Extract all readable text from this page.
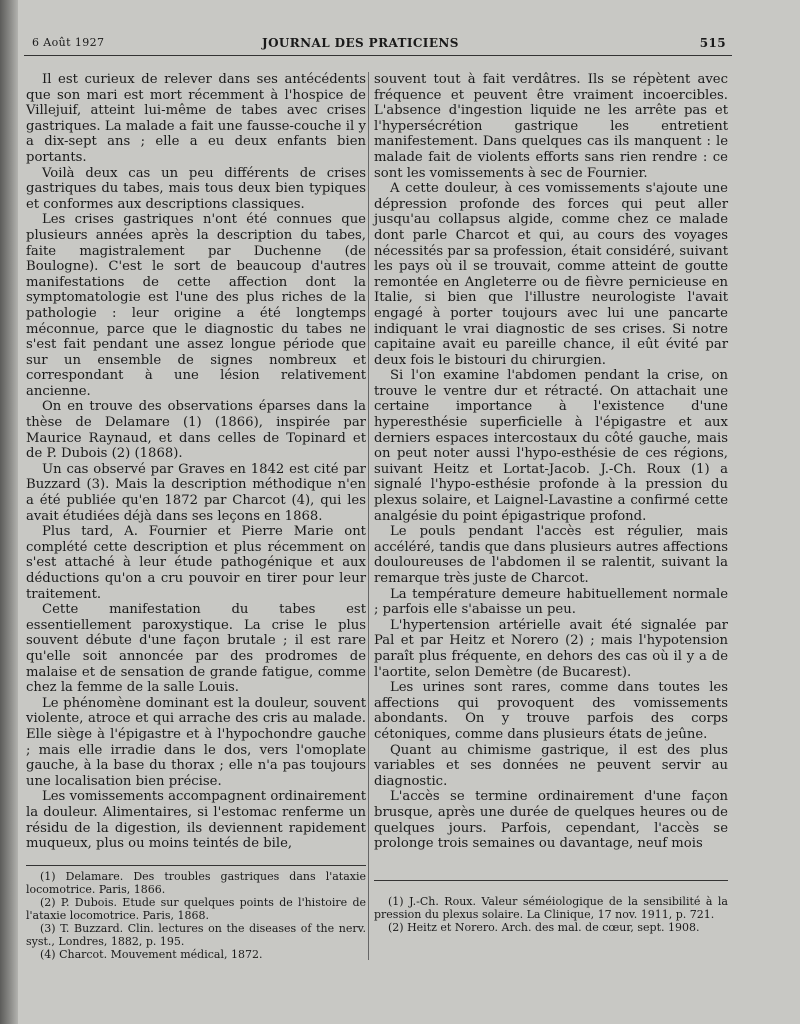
6 Août 1927	JOURNAL DES PRATICIENS	515

Il est curieux de relever dans ses antécédents que son mari est mort récemment à l'hospice de Villejuif, atteint lui-même de tabes avec crises gastriques. La malade a fait une fausse-couche il y a dix-sept ans ; elle a eu deux enfants bien portants.

Voilà deux cas un peu différents de crises gastriques du tabes, mais tous deux bien typiques et conformes aux descriptions classiques.

Les crises gastriques n'ont été connues que plusieurs années après la description du tabes, faite magistralement par Duchenne (de Boulogne). C'est le sort de beaucoup d'autres manifestations de cette affection dont la symptomatologie est l'une des plus riches de la pathologie : leur origine a été longtemps méconnue, parce que le diagnostic du tabes ne s'est fait pendant une assez longue période que sur un ensemble de signes nombreux et correspondant à une lésion relativement ancienne.

On en trouve des observations éparses dans la thèse de Delamare (1) (1866), inspirée par Maurice Raynaud, et dans celles de Topinard et de P. Dubois (2) (1868).

Un cas observé par Graves en 1842 est cité par Buzzard (3). Mais la description méthodique n'en a été publiée qu'en 1872 par Charcot (4), qui les avait étudiées déjà dans ses leçons en 1868.

Plus tard, A. Fournier et Pierre Marie ont complété cette description et plus récemment on s'est attaché à leur étude pathogénique et aux déductions qu'on a cru pouvoir en tirer pour leur traitement.

Cette manifestation du tabes est essentiellement paroxystique. La crise le plus souvent débute d'une façon brutale ; il est rare qu'elle soit annoncée par des prodromes de malaise et de sensation de grande fatigue, comme chez la femme de la salle Louis.

Le phénomène dominant est la douleur, souvent violente, atroce et qui arrache des cris au malade. Elle siège à l'épigastre et à l'hypochondre gauche ; mais elle irradie dans le dos, vers l'omoplate gauche, à la base du thorax ; elle n'a pas toujours une localisation bien précise.

Les vomissements accompagnent ordinairement la douleur. Alimentaires, si l'estomac renferme un résidu de la digestion, ils deviennent rapidement muqueux, plus ou moins teintés de bile,

souvent tout à fait verdâtres. Ils se répètent avec fréquence et peuvent être vraiment incoercibles. L'absence d'ingestion liquide ne les arrête pas et l'hypersécrétion gastrique les entretient manifestement. Dans quelques cas ils manquent : le malade fait de violents efforts sans rien rendre : ce sont les vomissements à sec de Fournier.

A cette douleur, à ces vomissements s'ajoute une dépression profonde des forces qui peut aller jusqu'au collapsus algide, comme chez ce malade dont parle Charcot et qui, au cours des voyages nécessités par sa profession, était considéré, suivant les pays où il se trouvait, comme atteint de goutte remontée en Angleterre ou de fièvre pernicieuse en Italie, si bien que l'illustre neurologiste l'avait engagé à porter toujours avec lui une pancarte indiquant le vrai diagnostic de ses crises. Si notre capitaine avait eu pareille chance, il eût évité par deux fois le bistouri du chirurgien.

Si l'on examine l'abdomen pendant la crise, on trouve le ventre dur et rétracté. On attachait une certaine importance à l'existence d'une hyperesthésie superficielle à l'épigastre et aux derniers espaces intercostaux du côté gauche, mais on peut noter aussi l'hypo-esthésie de ces régions, suivant Heitz et Lortat-Jacob. J.-Ch. Roux (1) a signalé l'hypo-esthésie profonde à la pression du plexus solaire, et Laignel-Lavastine a confirmé cette analgésie du point épigastrique profond.

Le pouls pendant l'accès est régulier, mais accéléré, tandis que dans plusieurs autres affections douloureuses de l'abdomen il se ralentit, suivant la remarque très juste de Charcot.

La température demeure habituellement normale ; parfois elle s'abaisse un peu.

L'hypertension artérielle avait été signalée par Pal et par Heitz et Norero (2) ; mais l'hypotension paraît plus fréquente, en dehors des cas où il y a de l'aortite, selon Demètre (de Bucarest).

Les urines sont rares, comme dans toutes les affections qui provoquent des vomissements abondants. On y trouve parfois des corps cétoniques, comme dans plusieurs états de jeûne.

Quant au chimisme gastrique, il est des plus variables et ses données ne peuvent servir au diagnostic.

L'accès se termine ordinairement d'une façon brusque, après une durée de quelques heures ou de quelques jours. Parfois, cependant, l'accès se prolonge trois semaines ou davantage, neuf mois

(1) Delamare. Des troubles gastriques dans l'ataxie locomotrice. Paris, 1866.

(2) P. Dubois. Etude sur quelques points de l'histoire de l'ataxie locomotrice. Paris, 1868.

(3) T. Buzzard. Clin. lectures on the diseases of the nerv. syst., Londres, 1882, p. 195.

(4) Charcot. Mouvement médical, 1872.

(1) J.-Ch. Roux. Valeur séméiologique de la sensibilité à la pression du plexus solaire. La Clinique, 17 nov. 1911, p. 721.

(2) Heitz et Norero. Arch. des mal. de cœur, sept. 1908.
